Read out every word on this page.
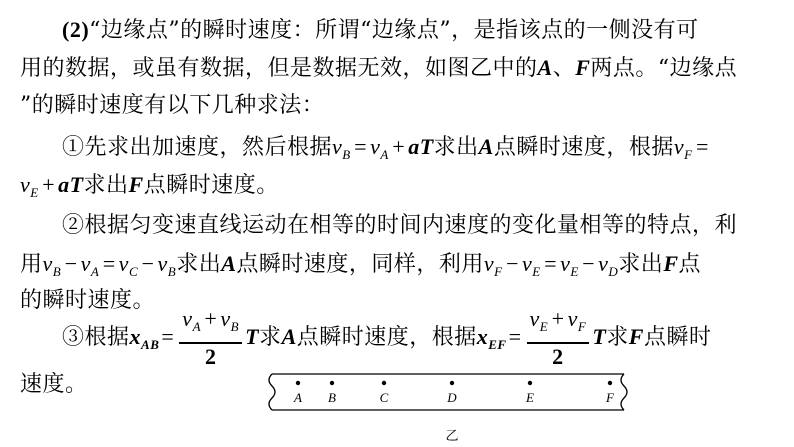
(2)“边缘点”的瞬时速度：所谓“边缘点”，是指该点的一侧没有可
用的数据，或虽有数据，但是数据无效，如图乙中的A、F两点。“边缘点
”的瞬时速度有以下几种求法：
①先求出加速度，然后根据$v_B=v_A+aT$求出A点瞬时速度，根据$v_F=$
$v_E+aT$求出F点瞬时速度。
②根据匀变速直线运动在相等的时间内速度的变化量相等的特点，利
用$v_B-v_A=v_C-v_B$求出A点瞬时速度，同样，利用$v_F-v_E=v_E-v_D$求出F点
的瞬时速度。
③根据$x_{AB}= \frac{v_A+v_B}{2}$ T求A点瞬时速度，根据$x_{EF}= \frac{v_E+v_F}{2}$ T求F点瞬时
速度。
A B	C	D	E	F
乙
